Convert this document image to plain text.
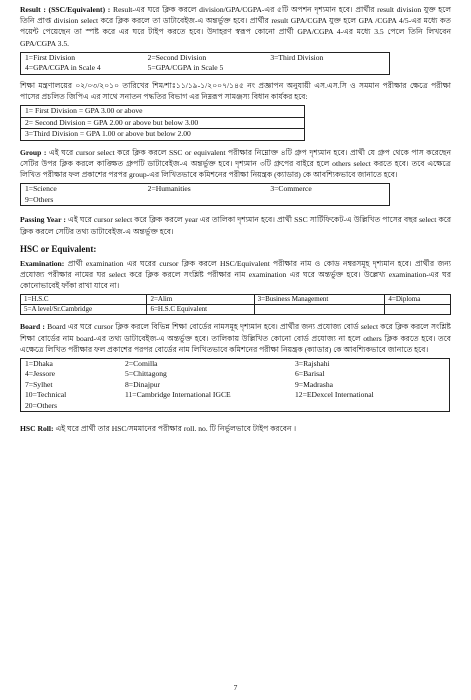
Result : (SSC/Equivalent) : Result-এর ঘরে ক্লিক করলে division/GPA/CGPA-এর ৫টি অপশন দৃশ্যমান হবে। প্রার্থীর result division যুক্ত হলে তিনি প্রাপ্ত division select করে ক্লিক করলে তা ডাটাবেইজ-এ অন্তর্ভুক্ত হবে। প্রার্থীর result GPA/CGPA যুক্ত হলে GPA /CGPA 4/5-এর মধ্যে কত পয়েন্ট পেয়েছেন তা স্পষ্ট করে এর ঘরে টাইপ করতে হবে। উদাহরণ স্বরূপ কোনো প্রার্থী GPA/CGPA 4-এর মধ্যে 3.5 পেলে তিনি লিখবেন GPA/CGPA 3.5.

1=First Division	2=Second Division	3=Third Division
4=GPA/CGPA in Scale 4	5=GPA/CGPA in Scale 5

শিক্ষা মন্ত্রণালয়ের ০২/০৩/২০১০ তারিখের শিম/শাঃ১১/১৯-১/২০০৭/১৪৫ নং প্রজ্ঞাপন অনুযায়ী এস.এস.সি ও সমমান পরীক্ষার ক্ষেত্রে পরীক্ষা পাসের প্রচলিত জিপিএ এর সাথে সনাতন পদ্ধতির বিভাগ এর নিম্নরূপ সামঞ্জস্য বিধান কার্যকর হবে:

1= First Division = GPA 3.00 or above
2= Second Division = GPA 2.00 or above but below 3.00
3=Third Division = GPA 1.00 or above but below 2.00

Group : এই ঘরে cursor select করে ক্লিক করলে SSC or equivalent পরীক্ষার নিম্নোক্ত ৪টি গ্রুপ দৃশ্যমান হবে। প্রার্থী যে গ্রুপ থেকে পাস করেছেন সেটির উপর ক্লিক করলে কাঙ্ক্ষিত গ্রুপটি ডাটাবেইজ-এ অন্তর্ভুক্ত হবে। দৃশ্যমান ৩টি গ্রুপের বাইরে হলে others select করতে হবে। তবে এক্ষেত্রে লিখিত পরীক্ষার ফল প্রকাশের পরপর group-এর লিখিতভাবে কমিশনের পরীক্ষা নিয়ন্ত্রক (ক্যাডার) কে আবশ্যিকভাবে জানাতে হবে।

1=Science	2=Humanities	3=Commerce
9=Others

Passing Year : এই ঘরে cursor select করে ক্লিক করলে year এর তালিকা দৃশ্যমান হবে। প্রার্থী SSC সার্টিফিকেট-এ উল্লিখিত পাসের বছর select করে ক্লিক করলে সেটির তথ্য ডাটাবেইজ-এ অন্তর্ভুক্ত হবে।

HSC or Equivalent:

Examination: প্রার্থী examination এর ঘরের cursor ক্লিক করলে HSC/Equivalent পরীক্ষার নাম ও কোড নম্বরসমূহ দৃশ্যমান হবে। প্রার্থীর জন্য প্রযোজ্য পরীক্ষার নামের ঘর select করে ক্লিক করলে সংশ্লিষ্ট পরীক্ষার নাম examination এর ঘরে অন্তর্ভুক্ত হবে। উল্লেখ্য examination-এর ঘর কোনোভাবেই ফাঁকা রাখা যাবে না।

1=H.S.C	2=Alim	3=Business Management	4=Diploma
5=A level/Sr.Cambridge	6=H.S.C Equivalent		

Board : Board এর ঘরে cursor ক্লিক করলে বিভিন্ন শিক্ষা বোর্ডের নামসমূহ দৃশ্যমান হবে। প্রার্থীর জন্য প্রযোজ্য বোর্ড select করে ক্লিক করলে সংশ্লিষ্ট শিক্ষা বোর্ডের নাম board-এর তথ্য ডাটাবেইজ-এ অন্তর্ভুক্ত হবে। তালিকায় উল্লিখিত কোনো বোর্ড প্রযোজ্য না হলে others ক্লিক করতে হবে। তবে এক্ষেত্রে লিখিত পরীক্ষার ফল প্রকাশের পরপর বোর্ডের নাম লিখিতভাবে কমিশনের পরীক্ষা নিয়ন্ত্রক (ক্যাডার) কে আবশ্যিকভাবে জানাতে হবে।

1=Dhaka	2=Comilla	3=Rajshahi
4=Jessore	5=Chittagong	6=Barisal
7=Sylhet	8=Dinajpur	9=Madrasha
10=Technical	11=Cambridge International IGCE	12=EDexcel International
20=Others

HSC Roll: এই ঘরে প্রার্থী তার HSC/সমমানের পরীক্ষার roll. no. টি নির্ভুলভাবে টাইপ করবেন ।

7
